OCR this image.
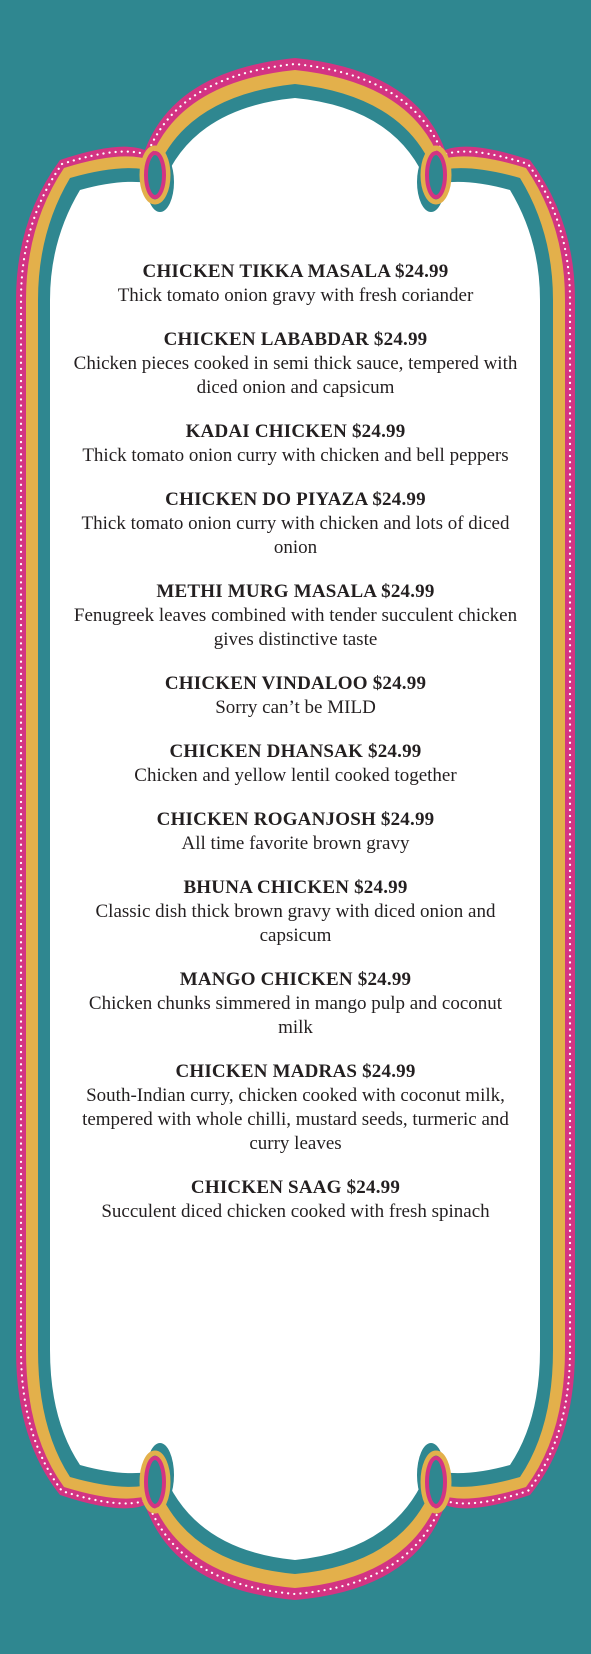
CHICKEN TIKKA MASALA $24.99
Thick tomato onion gravy with fresh coriander
CHICKEN LABABDAR $24.99
Chicken pieces cooked in semi thick sauce, tempered with diced onion and capsicum
KADAI CHICKEN $24.99
Thick tomato onion curry with chicken and bell peppers
CHICKEN DO PIYAZA $24.99
Thick tomato onion curry with chicken and lots of diced onion
METHI MURG MASALA $24.99
Fenugreek leaves combined with tender succulent chicken gives distinctive taste
CHICKEN VINDALOO $24.99
Sorry can’t be MILD
CHICKEN DHANSAK $24.99
Chicken and yellow lentil cooked together
CHICKEN ROGANJOSH $24.99
All time favorite brown gravy
BHUNA CHICKEN $24.99
Classic dish thick brown gravy with diced onion and capsicum
MANGO CHICKEN $24.99
Chicken chunks simmered in mango pulp and coconut milk
CHICKEN MADRAS $24.99
South-Indian curry, chicken cooked with coconut milk, tempered with whole chilli, mustard seeds, turmeric and curry leaves
CHICKEN SAAG $24.99
Succulent diced chicken cooked with fresh spinach
